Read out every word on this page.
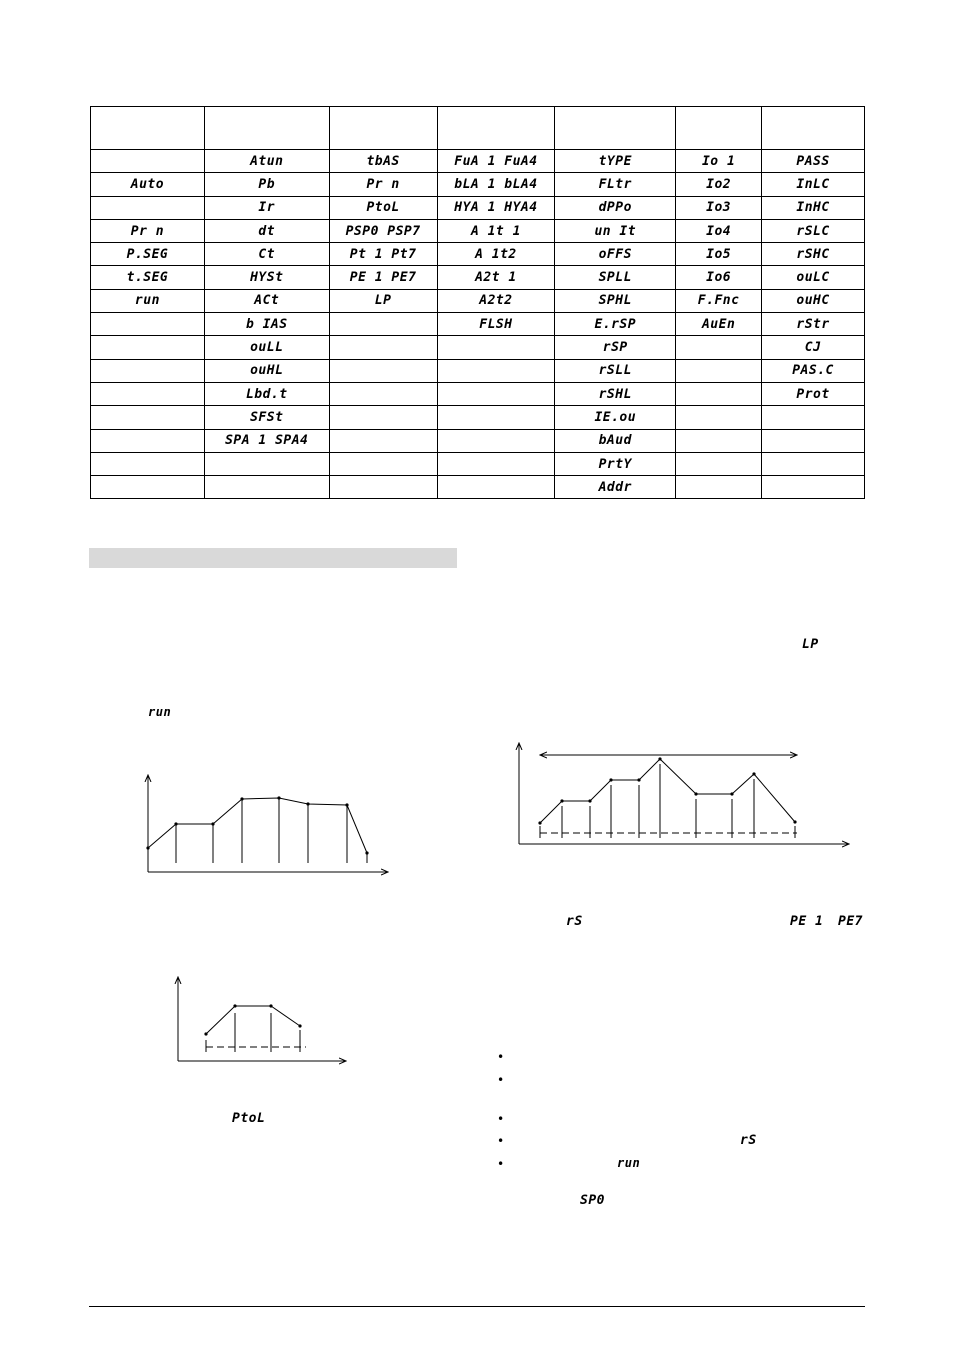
	Atun	tbAS	FuA 1 FuA4	tYPE	Io 1	PASS
Auto	Pb	Pr n	bLA 1 bLA4	FLtr	Io2	InLC
	Ir	PtoL	HYA 1 HYA4	dPPo	Io3	InHC
Pr n	dt	PSP0 PSP7	A 1t 1	un It	Io4	rSLC
P.SEG	Ct	Pt 1 Pt7	A 1t2	oFFS	Io5	rSHC
t.SEG	HYSt	PE 1 PE7	A2t 1	SPLL	Io6	ouLC
run	ACt	LP	A2t2	SPHL	F.Fnc	ouHC
	b IAS		FLSH	E.rSP	AuEn	rStr
	ouLL			rSP		CJ
	ouHL			rSLL		PAS.C
	Lbd.t			rSHL		Prot
	SFSt			IE.ou		
	SPA 1 SPA4			bAud		
				PrtY		
				Addr		
LP
run
rS	PE 1 PE7
PtoL
rS
run
SP0
•
•
•
•
•
